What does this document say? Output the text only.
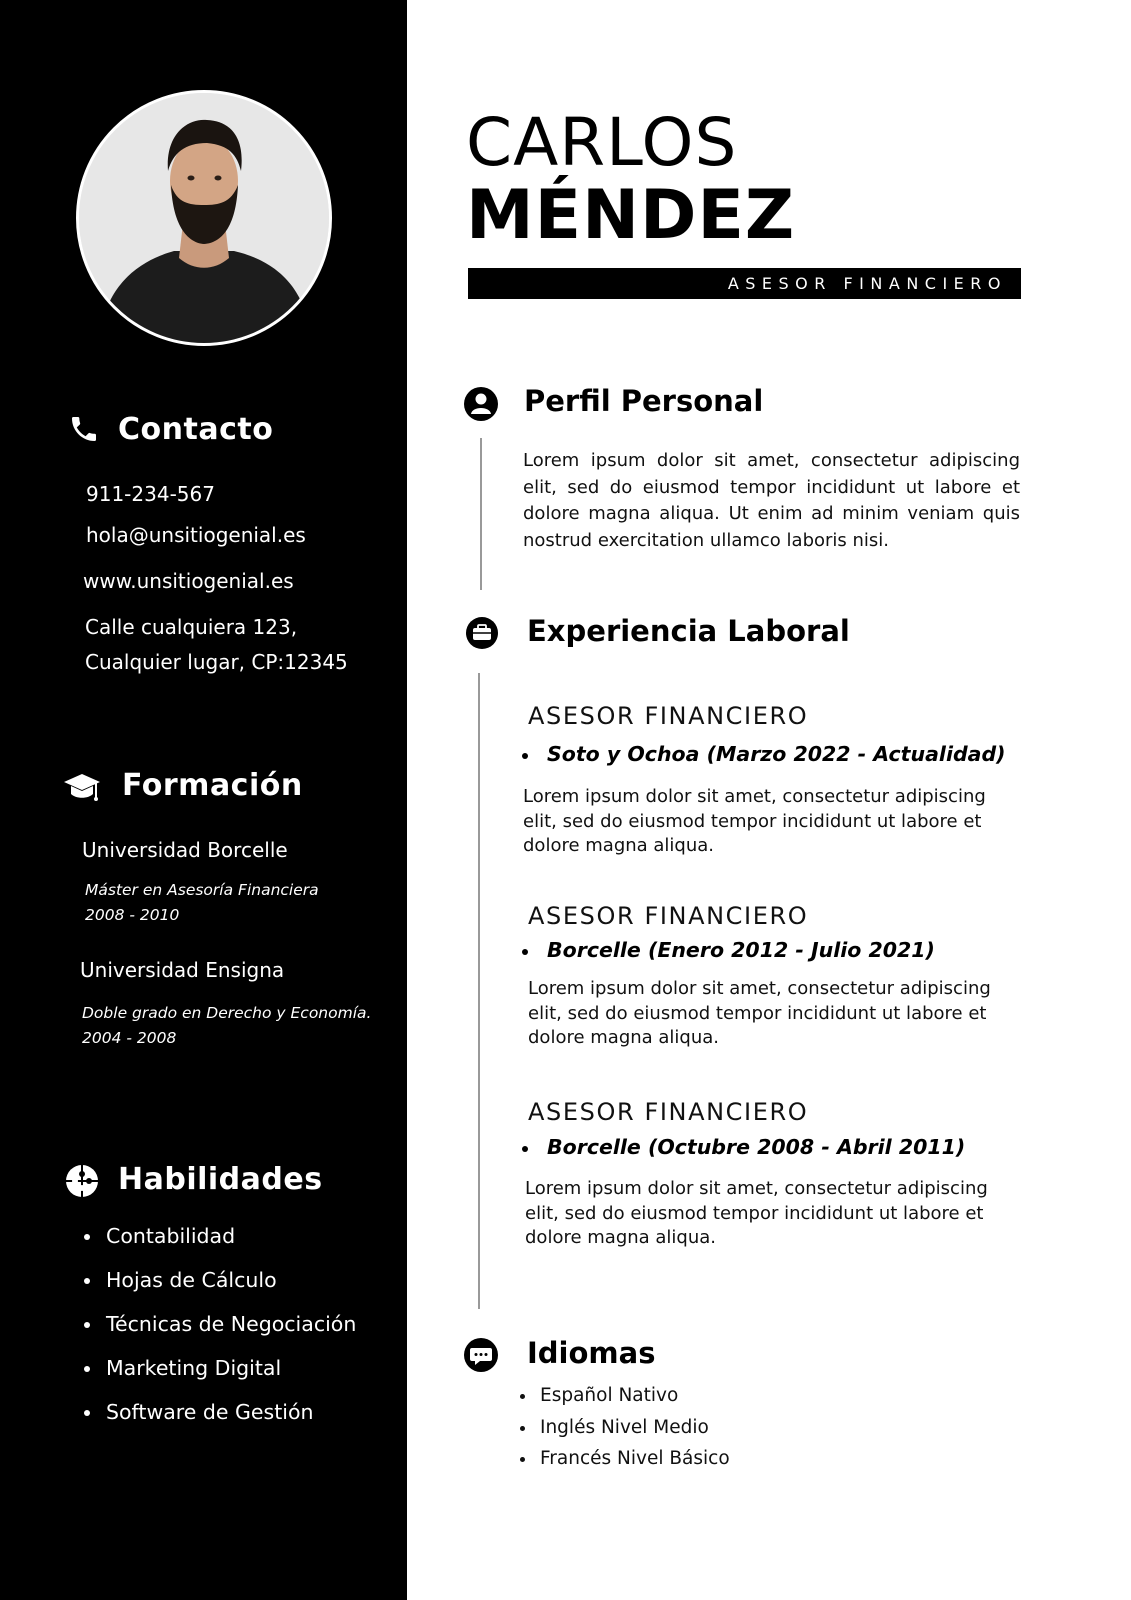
Contacto
911-234-567
hola@unsitiogenial.es
www.unsitiogenial.es
Calle cualquiera 123,
Cualquier lugar, CP:12345
Formación
Universidad Borcelle
Máster en Asesoría Financiera
2008 - 2010
Universidad Ensigna
Doble grado en Derecho y Economía.
2004 - 2008
Habilidades
Contabilidad
Hojas de Cálculo
Técnicas de Negociación
Marketing Digital
Software de Gestión
CARLOS
MÉNDEZ
ASESOR FINANCIERO
Perfil Personal
Lorem ipsum dolor sit amet, consectetur adipiscing elit, sed do eiusmod tempor incididunt ut labore et dolore magna aliqua. Ut enim ad minim veniam quis nostrud exercitation ullamco laboris nisi.
Experiencia Laboral
ASESOR FINANCIERO
Soto y Ochoa (Marzo 2022 - Actualidad)
Lorem ipsum dolor sit amet, consectetur adipiscing elit, sed do eiusmod tempor incididunt ut labore et dolore magna aliqua.
ASESOR FINANCIERO
Borcelle (Enero 2012 - Julio 2021)
Lorem ipsum dolor sit amet, consectetur adipiscing elit, sed do eiusmod tempor incididunt ut labore et dolore magna aliqua.
ASESOR FINANCIERO
Borcelle (Octubre 2008 - Abril 2011)
Lorem ipsum dolor sit amet, consectetur adipiscing elit, sed do eiusmod tempor incididunt ut labore et dolore magna aliqua.
Idiomas
Español Nativo
Inglés Nivel Medio
Francés Nivel Básico
